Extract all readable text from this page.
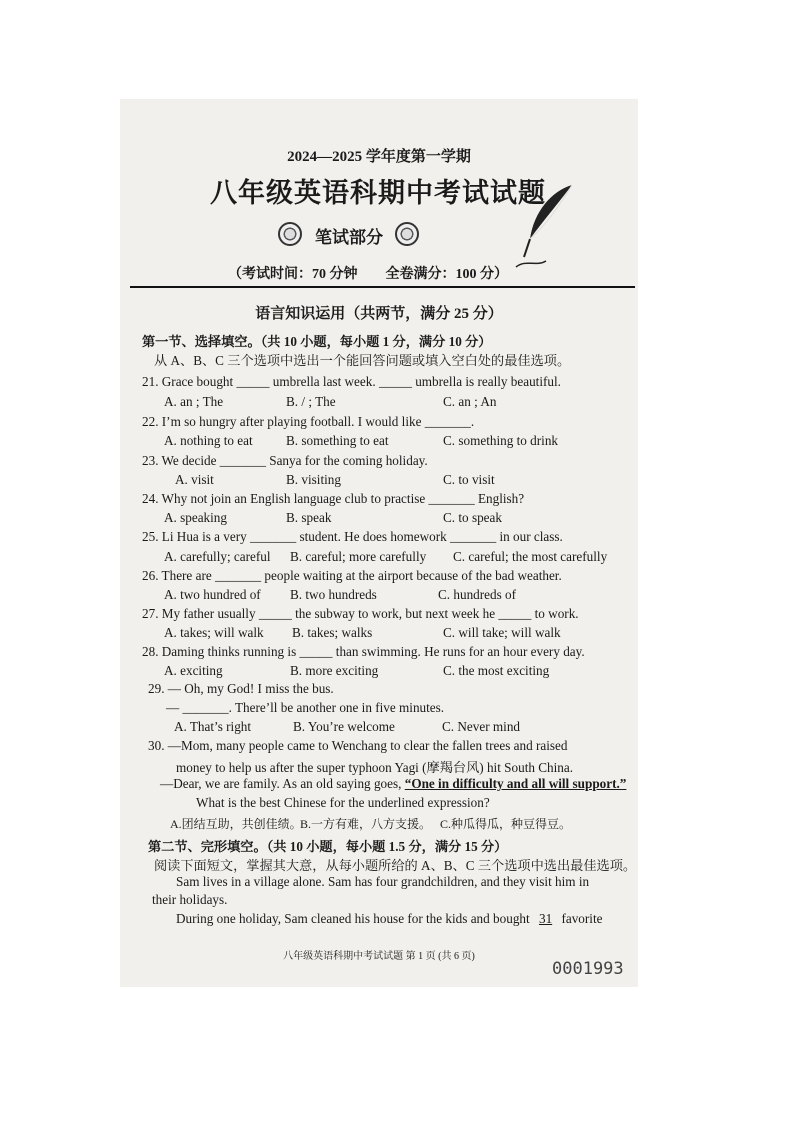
2024—2025 学年度第一学期
八年级英语科期中考试试题
笔试部分
（考试时间：70 分钟　　全卷满分：100 分）
语言知识运用（共两节，满分 25 分）
第一节、选择填空。（共 10 小题，每小题 1 分，满分 10 分）
从 A、B、C 三个选项中选出一个能回答问题或填入空白处的最佳选项。
21. Grace bought _____ umbrella last week. _____ umbrella is really beautiful.
A. an ; The	B. / ; The	C. an ; An
22. I’m so hungry after playing football. I would like _______.
A. nothing to eat	B. something to eat	C. something to drink
23. We decide _______ Sanya for the coming holiday.
A. visit	B. visiting	C. to visit
24. Why not join an English language club to practise _______ English?
A. speaking	B. speak	C. to speak
25. Li Hua is a very _______ student. He does homework _______ in our class.
A. carefully; careful B. careful; more carefully C. careful; the most carefully
26. There are _______ people waiting at the airport because of the bad weather.
A. two hundred of B. two hundreds	C. hundreds of
27. My father usually _____ the subway to work, but next week he _____ to work.
A. takes; will walk B. takes; walks	C. will take; will walk
28. Daming thinks running is _____ than swimming. He runs for an hour every day.
A. exciting	B. more exciting	C. the most exciting
29. — Oh, my God! I miss the bus.
— _______. There’ll be another one in five minutes.
A. That’s right	B. You’re welcome	C. Never mind
30. —Mom, many people came to Wenchang to clear the fallen trees and raised
money to help us after the super typhoon Yagi (摩羯台风) hit South China.
—Dear, we are family. As an old saying goes, “One in difficulty and all will support.”
What is the best Chinese for the underlined expression?
A.团结互助，共创佳绩。
B.一方有难，八方支援。 C.种瓜得瓜，种豆得豆。
第二节、完形填空。（共 10 小题，每小题 1.5 分，满分 15 分）
阅读下面短文，掌握其大意，从每小题所给的 A、B、C 三个选项中选出最佳选项。
Sam lives in a village alone. Sam has four grandchildren, and they visit him in
their holidays.
During one holiday, Sam cleaned his house for the kids and bought 31 favorite
八年级英语科期中考试试题 第 1 页 (共 6 页)
0001993
